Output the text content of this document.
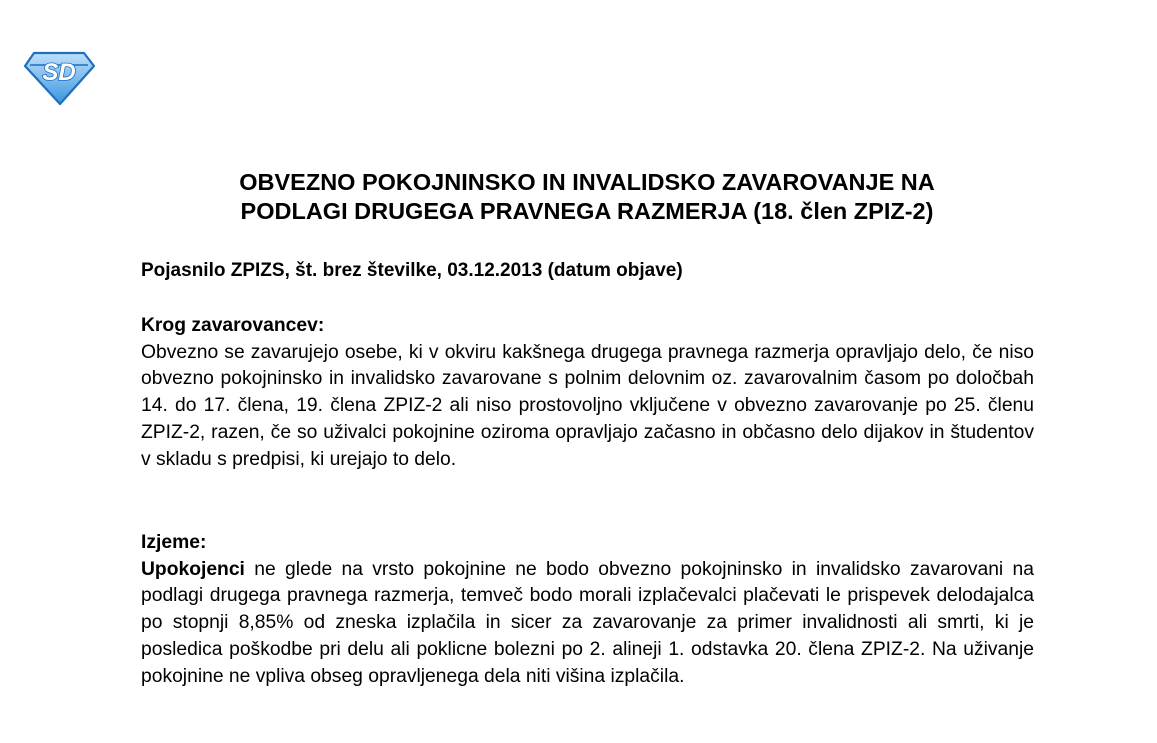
SD
OBVEZNO POKOJNINSKO IN INVALIDSKO ZAVAROVANJE NA
PODLAGI DRUGEGA PRAVNEGA RAZMERJA (18. člen ZPIZ-2)

Pojasnilo ZPIZS, št. brez številke, 03.12.2013 (datum objave)

Krog zavarovancev:

Obvezno se zavarujejo osebe, ki v okviru kakšnega drugega pravnega razmerja opravljajo delo, če niso obvezno pokojninsko in invalidsko zavarovane s polnim delovnim oz. zavarovalnim časom po določbah 14. do 17. člena, 19. člena ZPIZ-2 ali niso prostovoljno vključene v obvezno zavarovanje po 25. členu ZPIZ-2, razen, če so uživalci pokojnine oziroma opravljajo začasno in občasno delo dijakov in študentov v skladu s predpisi, ki urejajo to delo.

Izjeme:

Upokojenci ne glede na vrsto pokojnine ne bodo obvezno pokojninsko in invalidsko zavarovani na podlagi drugega pravnega razmerja, temveč bodo morali izplačevalci plačevati le prispevek delodajalca po stopnji 8,85% od zneska izplačila in sicer za zavarovanje za primer invalidnosti ali smrti, ki je posledica poškodbe pri delu ali poklicne bolezni po 2. alineji 1. odstavka 20. člena ZPIZ-2. Na uživanje pokojnine ne vpliva obseg opravljenega dela niti višina izplačila.
